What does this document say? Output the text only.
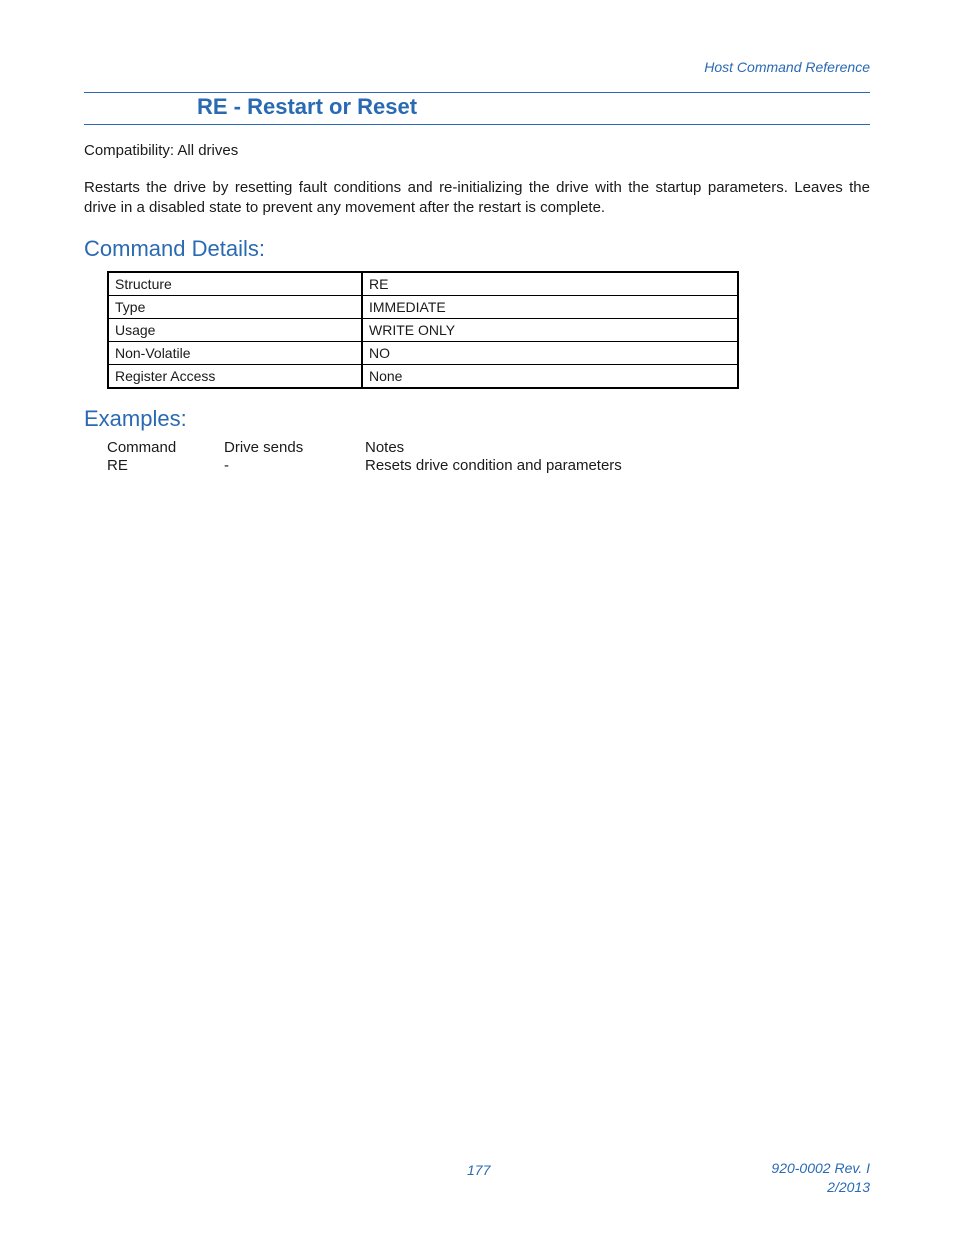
Host Command Reference
RE - Restart or Reset
Compatibility: All drives
Restarts the drive by resetting fault conditions and re-initializing the drive with the startup parameters. Leaves the drive in a disabled state to prevent any movement after the restart is complete.
Command Details:
Structure	RE
Type	IMMEDIATE
Usage	WRITE ONLY
Non-Volatile	NO
Register Access	None
Examples:
Command	Drive sends	Notes
RE	-	Resets drive condition and parameters
177	920-0002 Rev. I
2/2013
